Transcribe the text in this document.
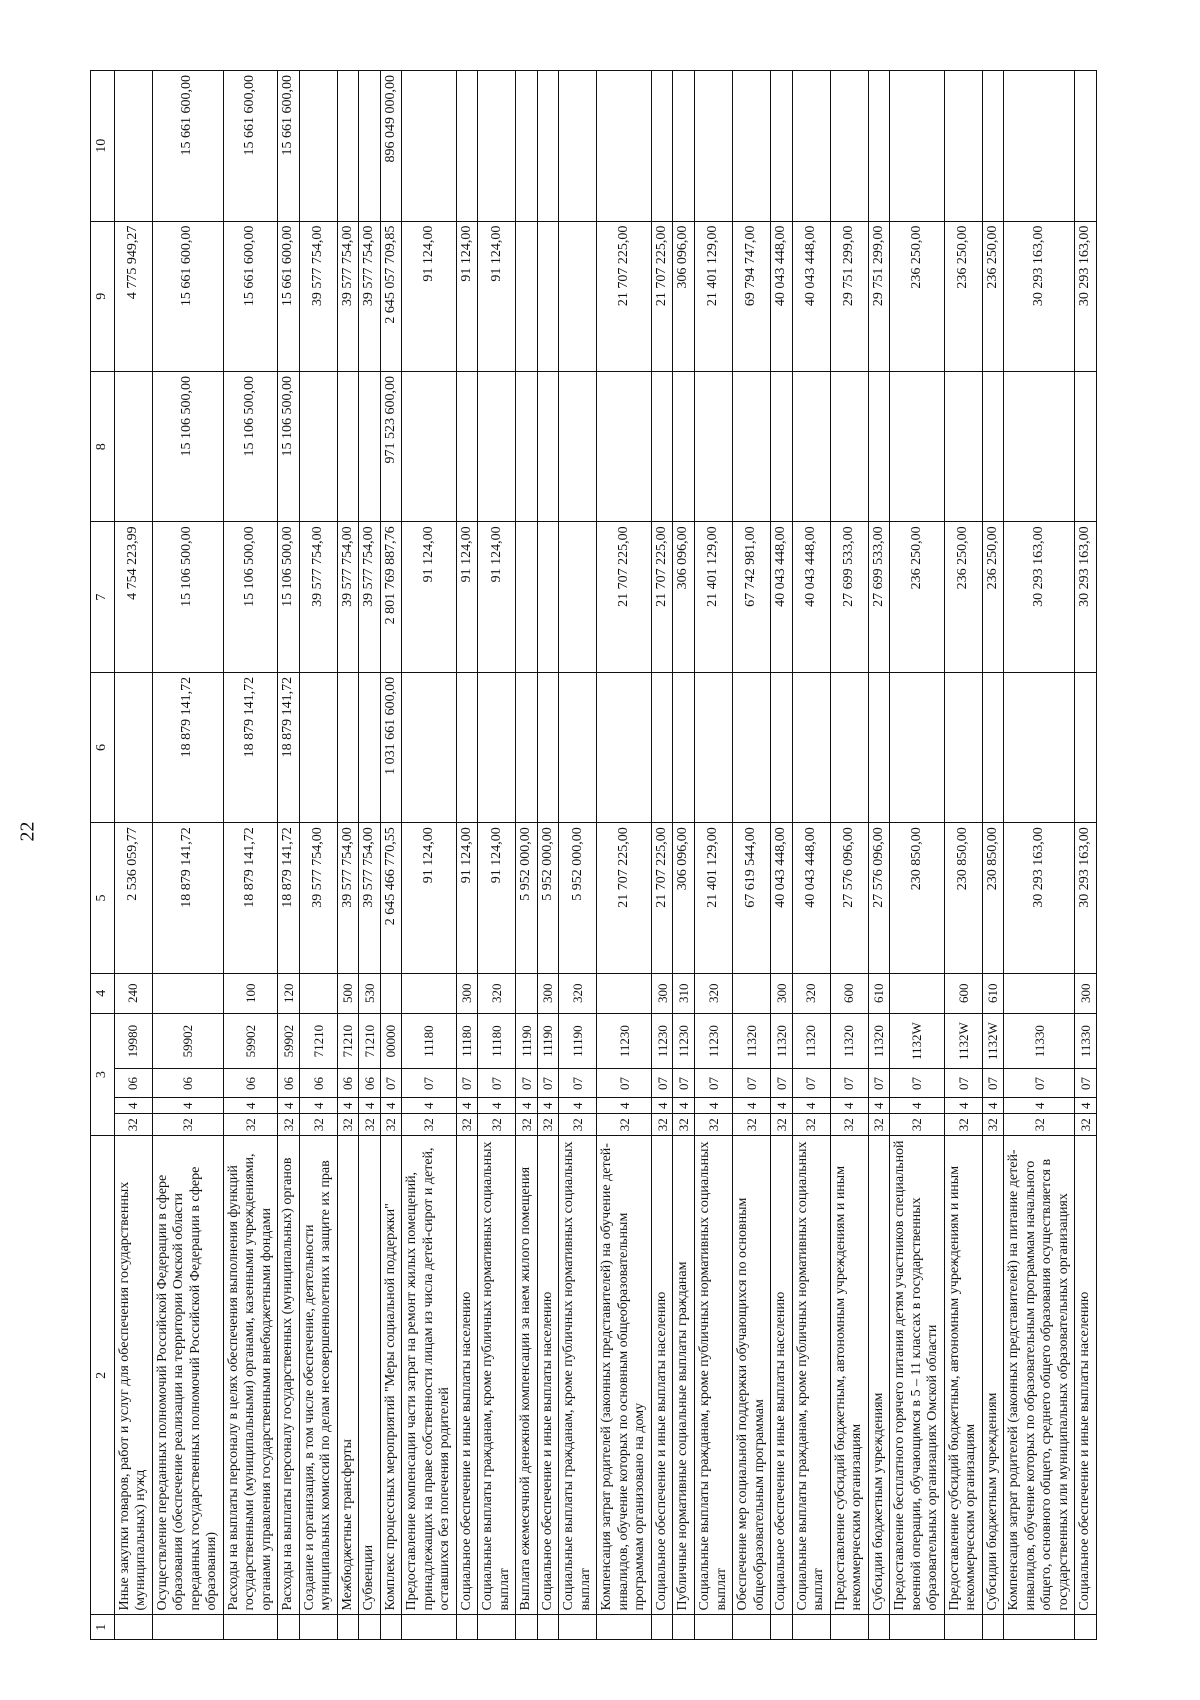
22
1	2	3				4	5	6	7	8	9	10
	Иные закупки товаров, работ и услуг для обеспечения государственных (муниципальных) нужд	32	4	06	19980	240	2 536 059,77		4 754 223,99		4 775 949,27	
	Осуществление переданных полномочий Российской Федерации в сфере образования (обеспечение реализации на территории Омской области переданных государственных полномочий Российской Федерации в сфере образования)	32	4	06	59902		18 879 141,72	18 879 141,72	15 106 500,00	15 106 500,00	15 661 600,00	15 661 600,00
	Расходы на выплаты персоналу в целях обеспечения выполнения функций государственными (муниципальными) органами, казенными учреждениями, органами управления государственными внебюджетными фондами	32	4	06	59902	100	18 879 141,72	18 879 141,72	15 106 500,00	15 106 500,00	15 661 600,00	15 661 600,00
	Расходы на выплаты персоналу государственных (муниципальных) органов	32	4	06	59902	120	18 879 141,72	18 879 141,72	15 106 500,00	15 106 500,00	15 661 600,00	15 661 600,00
	Создание и организация, в том числе обеспечение, деятельности муниципальных комиссий по делам несовершеннолетних и защите их прав	32	4	06	71210		39 577 754,00		39 577 754,00		39 577 754,00	
	Межбюджетные трансферты	32	4	06	71210	500	39 577 754,00		39 577 754,00		39 577 754,00	
	Субвенции	32	4	06	71210	530	39 577 754,00		39 577 754,00		39 577 754,00	
	Комплекс процессных мероприятий "Меры социальной поддержки"	32	4	07	00000		2 645 466 770,55	1 031 661 600,00	2 801 769 887,76	971 523 600,00	2 645 057 709,85	896 049 000,00
	Предоставление компенсации части затрат на ремонт жилых помещений, принадлежащих на праве собственности лицам из числа детей-сирот и детей, оставшихся без попечения родителей	32	4	07	11180		91 124,00		91 124,00		91 124,00	
	Социальное обеспечение и иные выплаты населению	32	4	07	11180	300	91 124,00		91 124,00		91 124,00	
	Социальные выплаты гражданам, кроме публичных нормативных социальных выплат	32	4	07	11180	320	91 124,00		91 124,00		91 124,00	
	Выплата ежемесячной денежной компенсации за наем жилого помещения	32	4	07	11190		5 952 000,00					
	Социальное обеспечение и иные выплаты населению	32	4	07	11190	300	5 952 000,00					
	Социальные выплаты гражданам, кроме публичных нормативных социальных выплат	32	4	07	11190	320	5 952 000,00					
	Компенсация затрат родителей (законных представителей) на обучение детей-инвалидов, обучение которых по основным общеобразовательным программам организовано на дому	32	4	07	11230		21 707 225,00		21 707 225,00		21 707 225,00	
	Социальное обеспечение и иные выплаты населению	32	4	07	11230	300	21 707 225,00		21 707 225,00		21 707 225,00	
	Публичные нормативные социальные выплаты гражданам	32	4	07	11230	310	306 096,00		306 096,00		306 096,00	
	Социальные выплаты гражданам, кроме публичных нормативных социальных выплат	32	4	07	11230	320	21 401 129,00		21 401 129,00		21 401 129,00	
	Обеспечение мер социальной поддержки обучающихся по основным общеобразовательным программам	32	4	07	11320		67 619 544,00		67 742 981,00		69 794 747,00	
	Социальное обеспечение и иные выплаты населению	32	4	07	11320	300	40 043 448,00		40 043 448,00		40 043 448,00	
	Социальные выплаты гражданам, кроме публичных нормативных социальных выплат	32	4	07	11320	320	40 043 448,00		40 043 448,00		40 043 448,00	
	Предоставление субсидий бюджетным, автономным учреждениям и иным некоммерческим организациям	32	4	07	11320	600	27 576 096,00		27 699 533,00		29 751 299,00	
	Субсидии бюджетным учреждениям	32	4	07	11320	610	27 576 096,00		27 699 533,00		29 751 299,00	
	Предоставление бесплатного горячего питания детям участников специальной военной операции, обучающимся в 5 – 11 классах в государственных образовательных организациях Омской области	32	4	07	1132W		230 850,00		236 250,00		236 250,00	
	Предоставление субсидий бюджетным, автономным учреждениям и иным некоммерческим организациям	32	4	07	1132W	600	230 850,00		236 250,00		236 250,00	
	Субсидии бюджетным учреждениям	32	4	07	1132W	610	230 850,00		236 250,00		236 250,00	
	Компенсация затрат родителей (законных представителей) на питание детей-инвалидов, обучение которых по образовательным программам начального общего, основного общего, среднего общего образования осуществляется в государственных или муниципальных образовательных организациях	32	4	07	11330		30 293 163,00		30 293 163,00		30 293 163,00	
	Социальное обеспечение и иные выплаты населению	32	4	07	11330	300	30 293 163,00		30 293 163,00		30 293 163,00	
